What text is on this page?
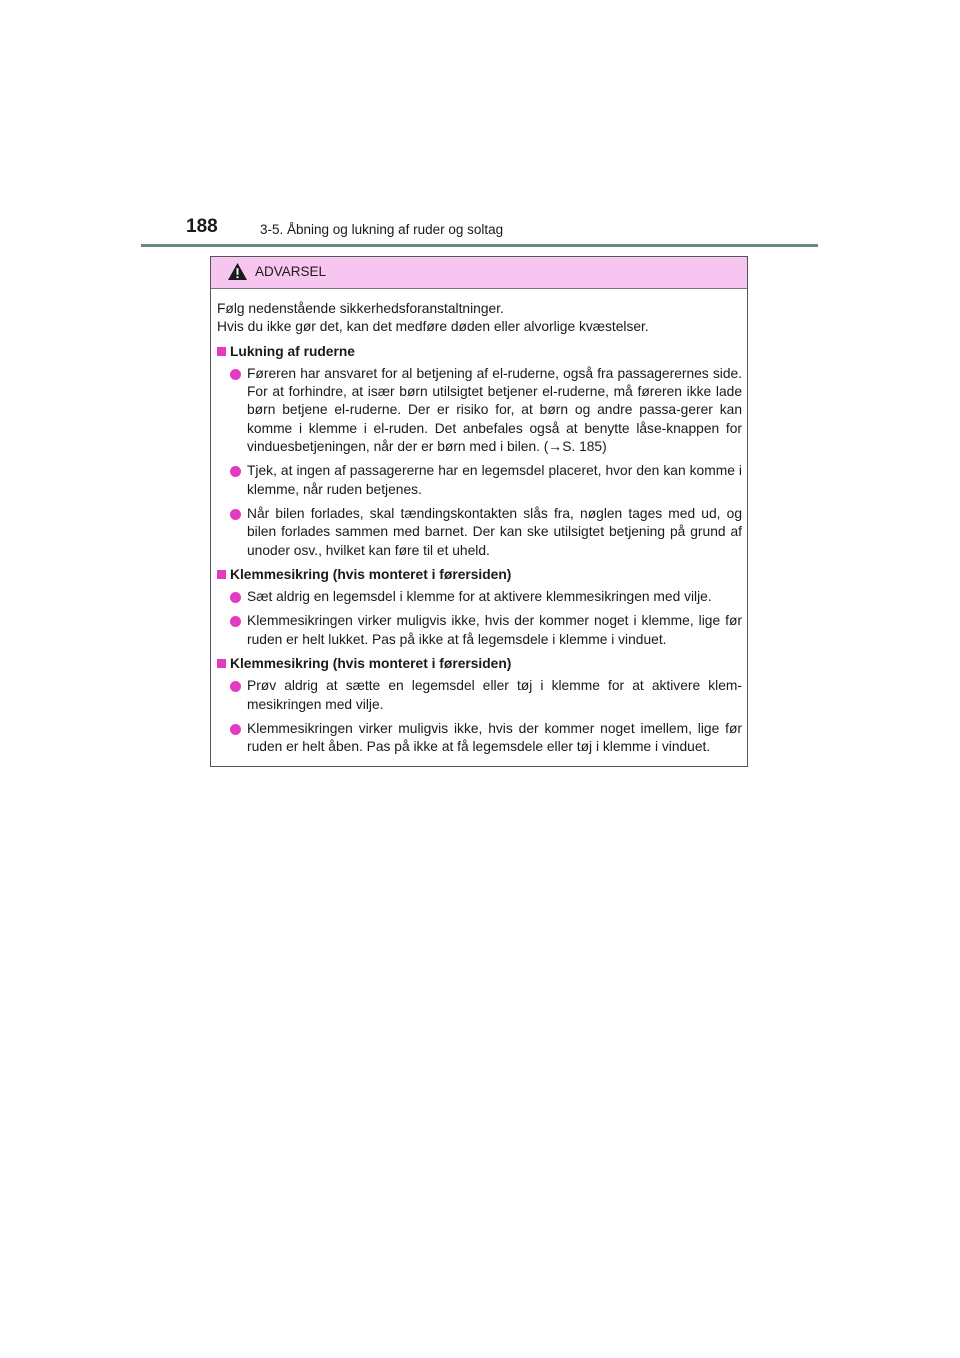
188	3-5. Åbning og lukning af ruder og soltag
ADVARSEL

Følg nedenstående sikkerhedsforanstaltninger.
Hvis du ikke gør det, kan det medføre døden eller alvorlige kvæstelser.

Lukning af ruderne
Føreren har ansvaret for al betjening af el-ruderne, også fra passagerernes side. For at forhindre, at især børn utilsigtet betjener el-ruderne, må føreren ikke lade børn betjene el-ruderne. Der er risiko for, at børn og andre passa-gerer kan komme i klemme i el-ruden. Det anbefales også at benytte låse-knappen for vinduesbetjeningen, når der er børn med i bilen. (→S. 185)
Tjek, at ingen af passagererne har en legemsdel placeret, hvor den kan komme i klemme, når ruden betjenes.
Når bilen forlades, skal tændingskontakten slås fra, nøglen tages med ud, og bilen forlades sammen med barnet. Der kan ske utilsigtet betjening på grund af unoder osv., hvilket kan føre til et uheld.
Klemmesikring (hvis monteret i førersiden)
Sæt aldrig en legemsdel i klemme for at aktivere klemmesikringen med vilje.
Klemmesikringen virker muligvis ikke, hvis der kommer noget i klemme, lige før ruden er helt lukket. Pas på ikke at få legemsdele i klemme i vinduet.
Klemmesikring (hvis monteret i førersiden)
Prøv aldrig at sætte en legemsdel eller tøj i klemme for at aktivere klem-mesikringen med vilje.
Klemmesikringen virker muligvis ikke, hvis der kommer noget imellem, lige før ruden er helt åben. Pas på ikke at få legemsdele eller tøj i klemme i vinduet.
